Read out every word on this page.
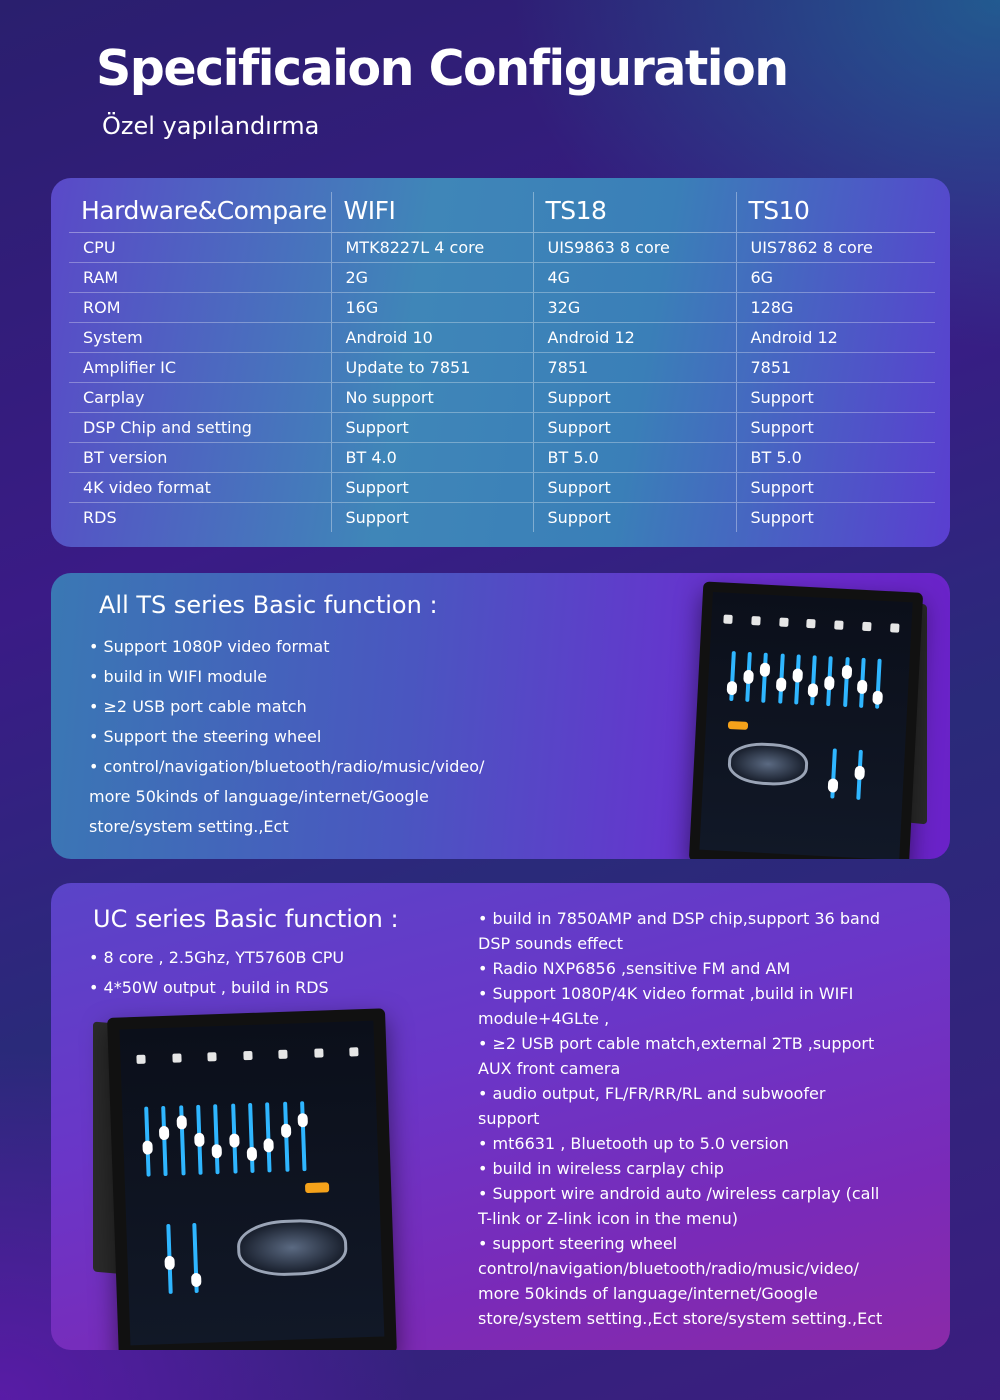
Specificaion Configuration
Özel yapılandırma
Hardware&Compare	WIFI	TS18	TS10
CPU	MTK8227L 4 core	UIS9863 8 core	UIS7862 8 core
RAM	2G	4G	6G
ROM	16G	32G	128G
System	Android 10	Android 12	Android 12
Amplifier IC	Update to 7851	7851	7851
Carplay	No support	Support	Support
DSP Chip and setting	Support	Support	Support
BT version	BT 4.0	BT 5.0	BT 5.0
4K video format	Support	Support	Support
RDS	Support	Support	Support
All TS series Basic function :
• Support 1080P video format
• build in WIFI module
• ≥2 USB port cable match
• Support the steering wheel
• control/navigation/bluetooth/radio/music/video/
more 50kinds of language/internet/Google
store/system setting.,Ect
UC series Basic function :
• 8 core , 2.5Ghz, YT5760B CPU
• 4*50W output , build in RDS
• build in 7850AMP and DSP chip,support 36 band
DSP sounds effect
• Radio NXP6856 ,sensitive FM and AM
• Support 1080P/4K video format ,build in WIFI
module+4GLte ,
• ≥2 USB port cable match,external 2TB ,support
AUX front camera
• audio output, FL/FR/RR/RL and subwoofer
support
• mt6631 , Bluetooth up to 5.0 version
• build in wireless carplay chip
• Support wire android auto /wireless carplay (call
T-link or Z-link icon in the menu)
• support steering wheel
control/navigation/bluetooth/radio/music/video/
more 50kinds of language/internet/Google
store/system setting.,Ect store/system setting.,Ect
